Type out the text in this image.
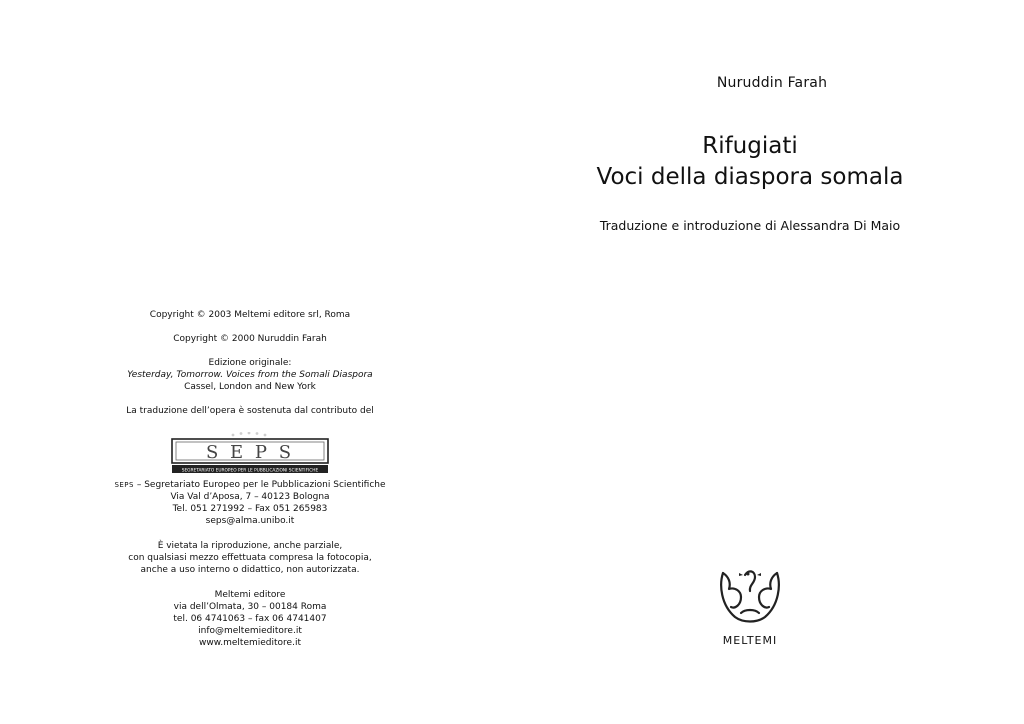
Copyright © 2003 Meltemi editore srl, Roma
Copyright © 2000 Nuruddin Farah
Edizione originale:
Yesterday, Tomorrow. Voices from the Somali Diaspora
Cassel, London and New York
La traduzione dell’opera è sostenuta dal contributo del
S E P S
SEGRETARIATO EUROPEO PER LE PUBBLICAZIONI SCIENTIFICHE
SEPS – Segretariato Europeo per le Pubblicazioni Scientifiche
Via Val d’Aposa, 7 – 40123 Bologna
Tel. 051 271992 – Fax 051 265983
seps@alma.unibo.it
È vietata la riproduzione, anche parziale,
con qualsiasi mezzo effettuata compresa la fotocopia,
anche a uso interno o didattico, non autorizzata.
Meltemi editore
via dell’Olmata, 30 – 00184 Roma
tel. 06 4741063 – fax 06 4741407
info@meltemieditore.it
www.meltemieditore.it
Nuruddin Farah
Rifugiati
Voci della diaspora somala
Traduzione e introduzione di Alessandra Di Maio
MELTEMI
